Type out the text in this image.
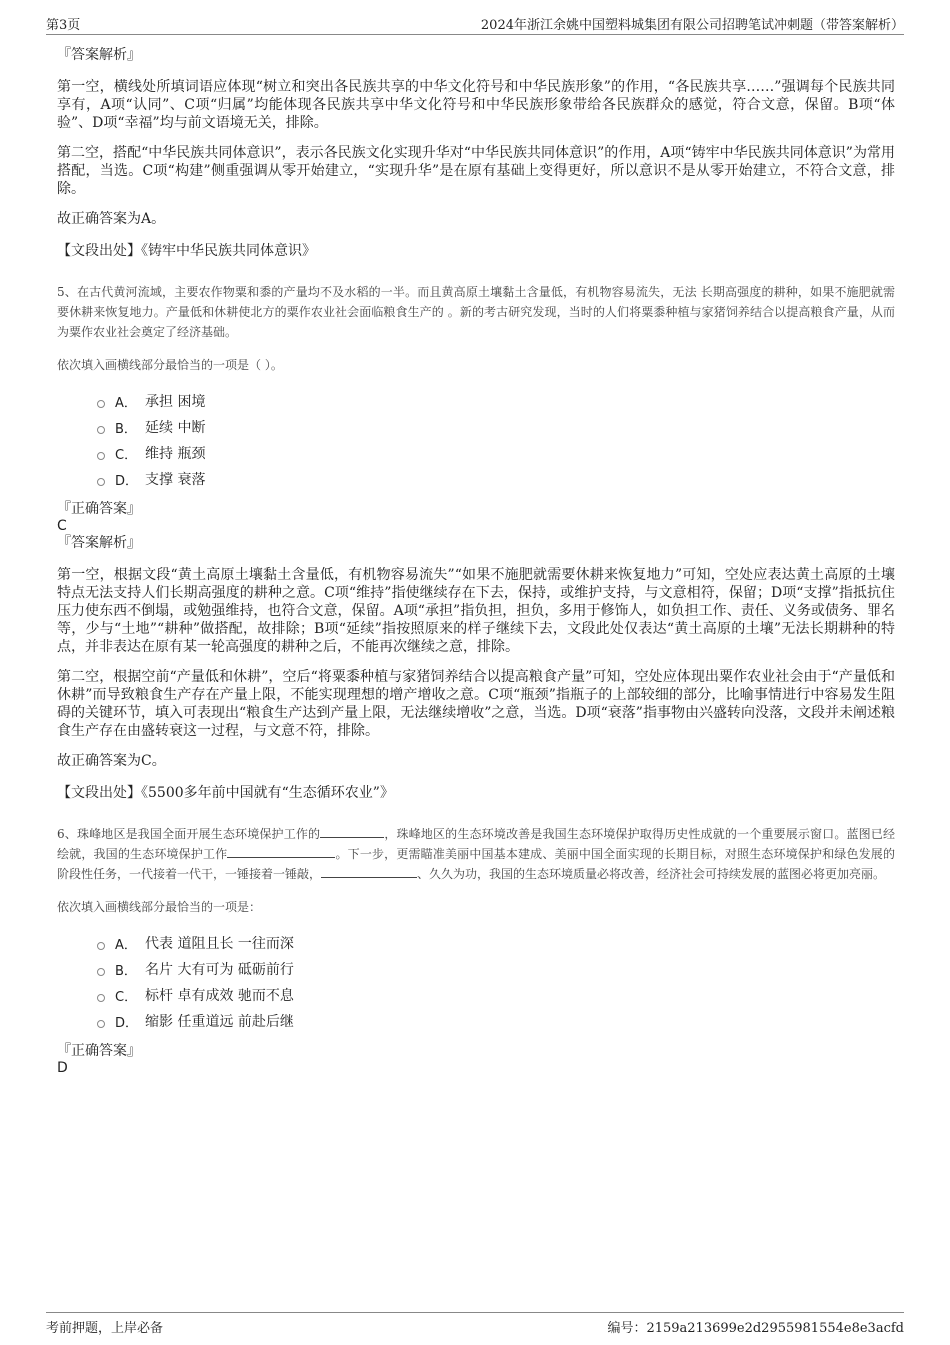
第3页	2024年浙江余姚中国塑料城集团有限公司招聘笔试冲刺题（带答案解析）

『答案解析』

第一空，横线处所填词语应体现“树立和突出各民族共享的中华文化符号和中华民族形象”的作用，“各民族共享……”强调每个民族共同享有，A项“认同”、C项“归属”均能体现各民族共享中华文化符号和中华民族形象带给各民族群众的感觉，符合文意，保留。B项“体验”、D项“幸福”均与前文语境无关，排除。

第二空，搭配“中华民族共同体意识”，表示各民族文化实现升华对“中华民族共同体意识”的作用，A项“铸牢中华民族共同体意识”为常用搭配，当选。C项“构建”侧重强调从零开始建立，“实现升华”是在原有基础上变得更好，所以意识不是从零开始建立，不符合文意，排除。

故正确答案为A。

【文段出处】《铸牢中华民族共同体意识》

5、在古代黄河流域，主要农作物粟和黍的产量均不及水稻的一半。而且黄高原土壤黏土含量低，有机物容易流失，无法 长期高强度的耕种，如果不施肥就需要休耕来恢复地力。产量低和休耕使北方的粟作农业社会面临粮食生产的 。新的考古研究发现，当时的人们将粟黍种植与家猪饲养结合以提高粮食产量，从而为粟作农业社会奠定了经济基础。

依次填入画横线部分最恰当的一项是（ ）。

A． 承担 困境
B． 延续 中断
C． 维持 瓶颈
D． 支撑 衰落

『正确答案』

C

『答案解析』

第一空，根据文段“黄土高原土壤黏土含量低，有机物容易流失”“如果不施肥就需要休耕来恢复地力”可知，空处应表达黄土高原的土壤特点无法支持人们长期高强度的耕种之意。C项“维持”指使继续存在下去，保持，或维护支持，与文意相符，保留；D项“支撑”指抵抗住压力使东西不倒塌，或勉强维持，也符合文意，保留。A项“承担”指负担，担负，多用于修饰人，如负担工作、责任、义务或债务、罪名等，少与“土地”“耕种”做搭配，故排除；B项“延续”指按照原来的样子继续下去，文段此处仅表达“黄土高原的土壤”无法长期耕种的特点，并非表达在原有某一轮高强度的耕种之后，不能再次继续之意，排除。

第二空，根据空前“产量低和休耕”，空后“将粟黍种植与家猪饲养结合以提高粮食产量”可知，空处应体现出粟作农业社会由于“产量低和休耕”而导致粮食生产存在产量上限，不能实现理想的增产增收之意。C项“瓶颈”指瓶子的上部较细的部分，比喻事情进行中容易发生阻碍的关键环节，填入可表现出“粮食生产达到产量上限，无法继续增收”之意，当选。D项“衰落”指事物由兴盛转向没落，文段并未阐述粮食生产存在由盛转衰这一过程，与文意不符，排除。

故正确答案为C。

【文段出处】《5500多年前中国就有“生态循环农业”》

6、珠峰地区是我国全面开展生态环境保护工作的	，珠峰地区的生态环境改善是我国生态环境保护取得历史性成就的一个重要展示窗口。蓝图已经绘就，我国的生态环境保护工作	。下一步，更需瞄准美丽中国基本建成、美丽中国全面实现的长期目标，对照生态环境保护和绿色发展的阶段性任务，一代接着一代干，一锤接着一锤敲，	、久久为功，我国的生态环境质量必将改善，经济社会可持续发展的蓝图必将更加亮丽。

依次填入画横线部分最恰当的一项是：

A． 代表 道阻且长 一往而深
B． 名片 大有可为 砥砺前行
C． 标杆 卓有成效 驰而不息
D． 缩影 任重道远 前赴后继

『正确答案』

D

考前押题，上岸必备	编号：2159a213699e2d2955981554e8e3acfd
